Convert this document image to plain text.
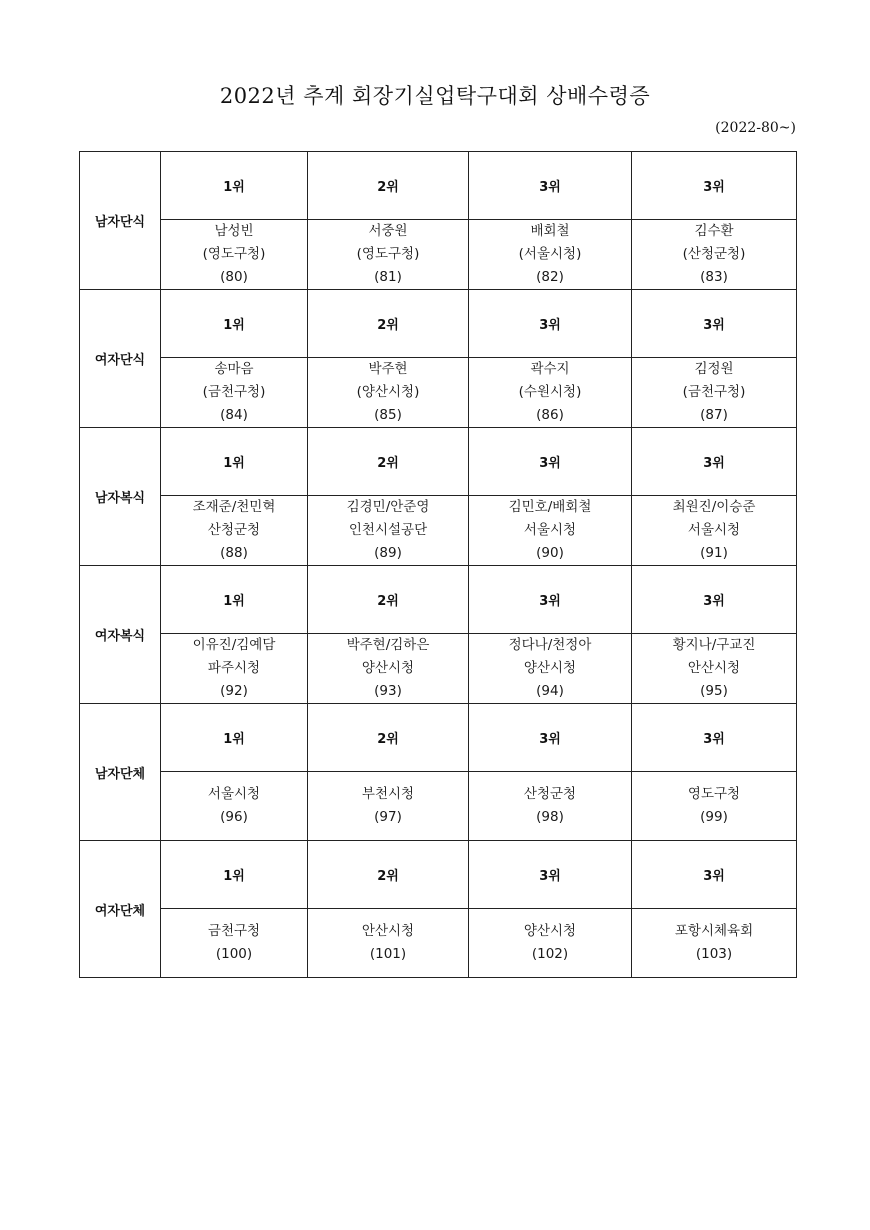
2022년 추계 회장기실업탁구대회 상배수령증
(2022-80~)
남자단식	1위	2위	3위	3위

	남성빈
(영도구청)
(80)	서중원
(영도구청)
(81)	배회철
(서울시청)
(82)	김수환
(산청군청)
(83)

여자단식	1위	2위	3위	3위

	송마음
(금천구청)
(84)	박주현
(양산시청)
(85)	곽수지
(수원시청)
(86)	김정원
(금천구청)
(87)

남자복식	1위	2위	3위	3위

	조재준/천민혁
산청군청
(88)	김경민/안준영
인천시설공단
(89)	김민호/배회철
서울시청
(90)	최원진/이승준
서울시청
(91)

여자복식	1위	2위	3위	3위

	이유진/김예담
파주시청
(92)	박주현/김하은
양산시청
(93)	정다나/천정아
양산시청
(94)	황지나/구교진
안산시청
(95)

남자단체	1위	2위	3위	3위

	서울시청
(96)	부천시청
(97)	산청군청
(98)	영도구청
(99)

여자단체	1위	2위	3위	3위

	금천구청
(100)	안산시청
(101)	양산시청
(102)	포항시체육회
(103)
